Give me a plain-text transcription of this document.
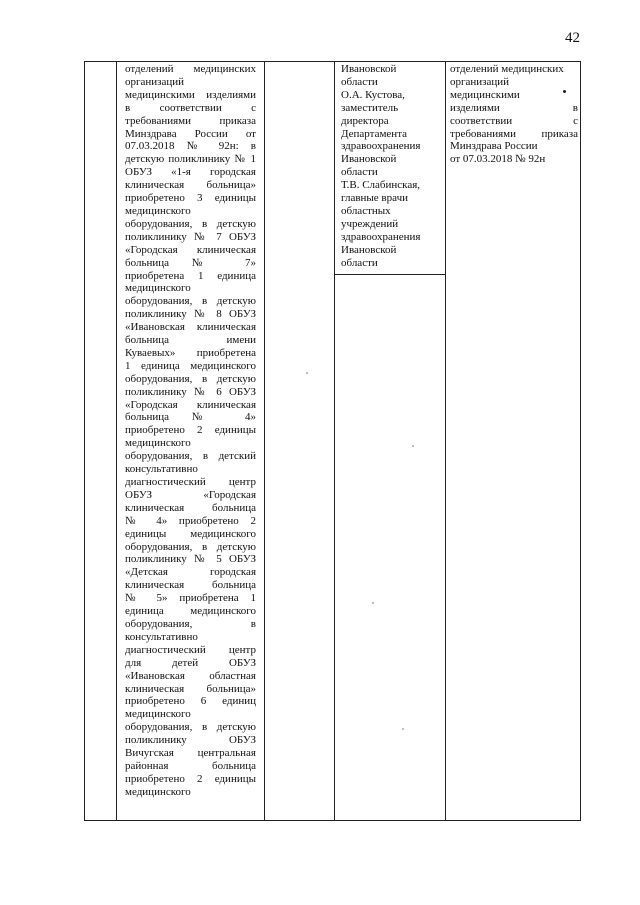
42
отделений медицинских
организаций
медицинскими изделиями
в соответствии с
требованиями приказа
Минздрава России от
07.03.2018 № 92н: в
детскую поликлинику № 1
ОБУЗ «1-я городская
клиническая больница»
приобретено 3 единицы
медицинского
оборудования, в детскую
поликлинику № 7 ОБУЗ
«Городская клиническая
больница № 7»
приобретена 1 единица
медицинского
оборудования, в детскую
поликлинику № 8 ОБУЗ
«Ивановская клиническая
больница имени
Куваевых» приобретена
1 единица медицинского
оборудования, в детскую
поликлинику № 6 ОБУЗ
«Городская клиническая
больница № 4»
приобретено 2 единицы
медицинского
оборудования, в детский
консультативно
диагностический центр
ОБУЗ «Городская
клиническая больница
№ 4» приобретено 2
единицы медицинского
оборудования, в детскую
поликлинику № 5 ОБУЗ
«Детская городская
клиническая больница
№ 5» приобретена 1
единица медицинского
оборудования, в
консультативно
диагностический центр
для детей ОБУЗ
«Ивановская областная
клиническая больница»
приобретено 6 единиц
медицинского
оборудования, в детскую
поликлинику ОБУЗ
Вичугская центральная
районная больница
приобретено 2 единицы
медицинского
Ивановской
области
О.А. Кустова,
заместитель
директора
Департамента
здравоохранения
Ивановской
области
Т.В. Слабинская,
главные врачи
областных
учреждений
здравоохранения
Ивановской
области
отделений медицинских
организаций
медицинскими
изделиями в
соответствии с
требованиями приказа
Минздрава России
от 07.03.2018 № 92н
